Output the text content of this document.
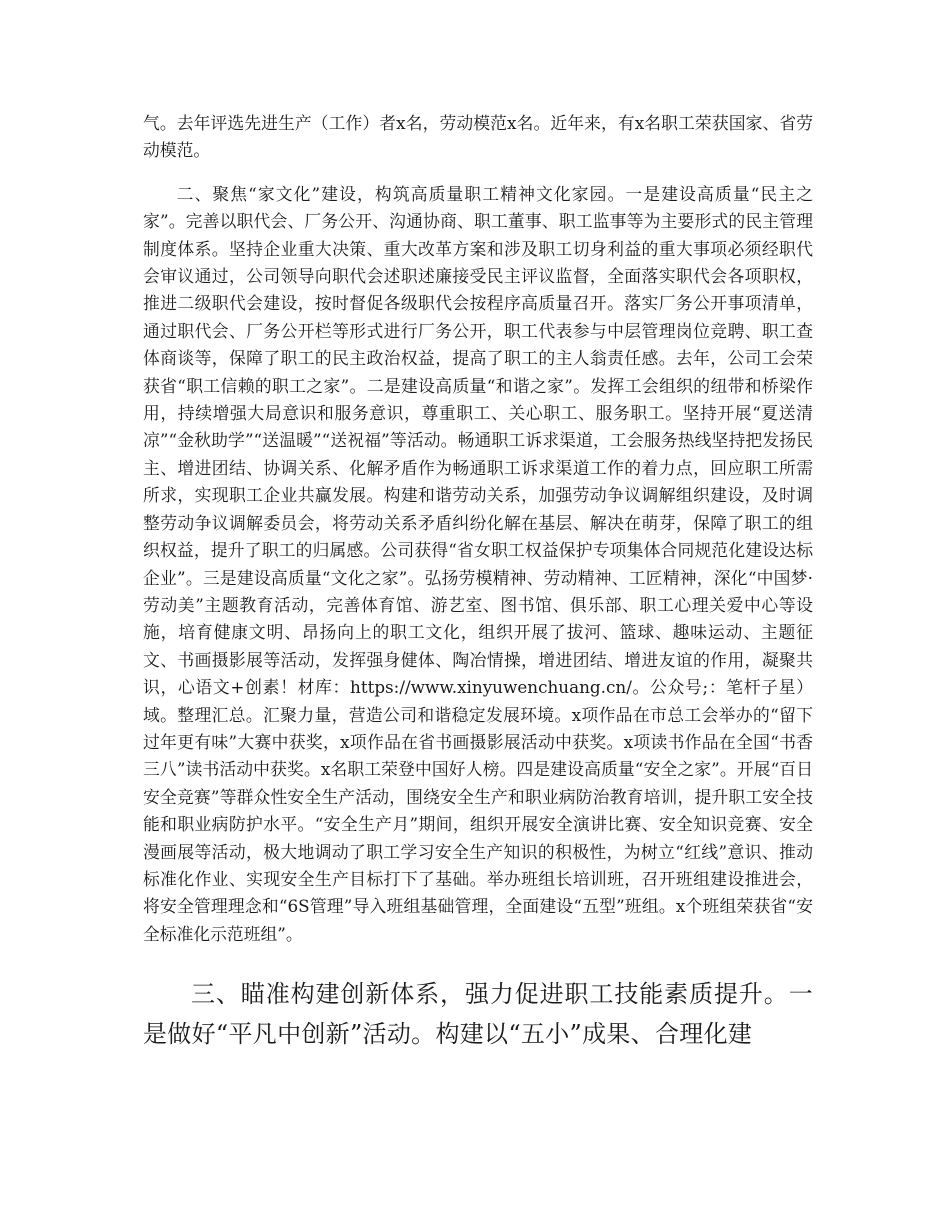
气。去年评选先进生产（工作）者x名，劳动模范x名。近年来，有x名职工荣获国家、省劳动模范。

二、聚焦“家文化”建设，构筑高质量职工精神文化家园。一是建设高质量“民主之家”。完善以职代会、厂务公开、沟通协商、职工董事、职工监事等为主要形式的民主管理制度体系。坚持企业重大决策、重大改革方案和涉及职工切身利益的重大事项必须经职代会审议通过，公司领导向职代会述职述廉接受民主评议监督，全面落实职代会各项职权，推进二级职代会建设，按时督促各级职代会按程序高质量召开。落实厂务公开事项清单，通过职代会、厂务公开栏等形式进行厂务公开，职工代表参与中层管理岗位竞聘、职工查体商谈等，保障了职工的民主政治权益，提高了职工的主人翁责任感。去年，公司工会荣获省“职工信赖的职工之家”。二是建设高质量“和谐之家”。发挥工会组织的纽带和桥梁作用，持续增强大局意识和服务意识，尊重职工、关心职工、服务职工。坚持开展“夏送清凉”“金秋助学”“送温暖”“送祝福”等活动。畅通职工诉求渠道，工会服务热线坚持把发扬民主、增进团结、协调关系、化解矛盾作为畅通职工诉求渠道工作的着力点，回应职工所需所求，实现职工企业共赢发展。构建和谐劳动关系，加强劳动争议调解组织建设，及时调整劳动争议调解委员会，将劳动关系矛盾纠纷化解在基层、解决在萌芽，保障了职工的组织权益，提升了职工的归属感。公司获得“省女职工权益保护专项集体合同规范化建设达标企业”。三是建设高质量“文化之家”。弘扬劳模精神、劳动精神、工匠精神，深化“中国梦·劳动美”主题教育活动，完善体育馆、游艺室、图书馆、俱乐部、职工心理关爱中心等设施，培育健康文明、昂扬向上的职工文化，组织开展了拔河、篮球、趣味运动、主题征文、书画摄影展等活动，发挥强身健体、陶冶情操，增进团结、增进友谊的作用，凝聚共识，心语文+创素！材库：https://www.xinyuwenchuang.cn/。公众号;：笔杆子星）域。整理汇总。汇聚力量，营造公司和谐稳定发展环境。x项作品在市总工会举办的“留下过年更有味”大赛中获奖，x项作品在省书画摄影展活动中获奖。x项读书作品在全国“书香三八”读书活动中获奖。x名职工荣登中国好人榜。四是建设高质量“安全之家”。开展“百日安全竞赛”等群众性安全生产活动，围绕安全生产和职业病防治教育培训，提升职工安全技能和职业病防护水平。“安全生产月”期间，组织开展安全演讲比赛、安全知识竞赛、安全漫画展等活动，极大地调动了职工学习安全生产知识的积极性，为树立“红线”意识、推动标准化作业、实现安全生产目标打下了基础。举办班组长培训班，召开班组建设推进会，将安全管理理念和“6S管理”导入班组基础管理，全面建设“五型”班组。x个班组荣获省“安全标准化示范班组”。

三、瞄准构建创新体系，强力促进职工技能素质提升。一是做好“平凡中创新”活动。构建以“五小”成果、合理化建
